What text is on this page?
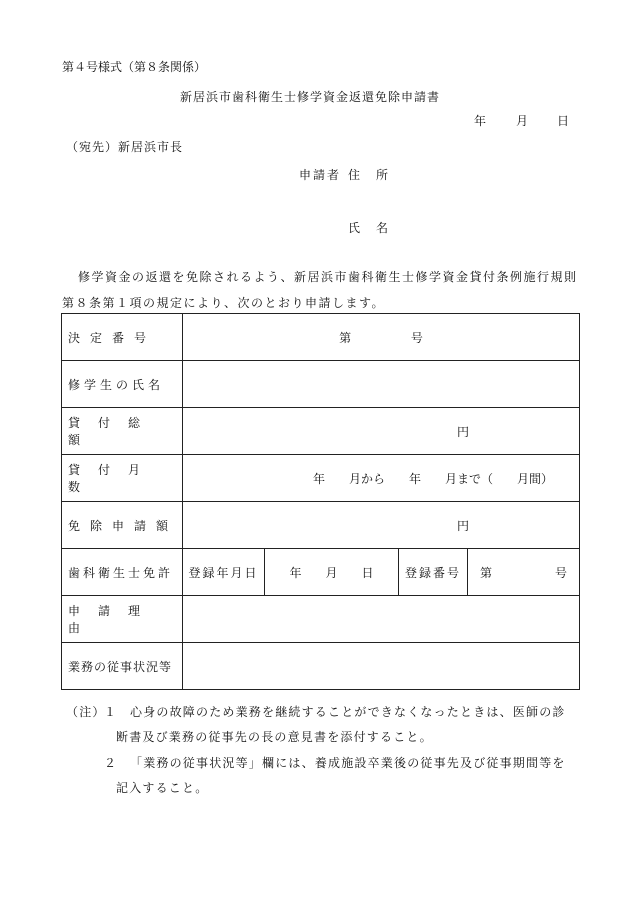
第４号様式（第８条関係）
新居浜市歯科衛生士修学資金返還免除申請書
年 月 日
（宛先）新居浜市長
申請者 住　所
氏　名
修学資金の返還を免除されるよう、新居浜市歯科衛生士修学資金貸付条例施行規則
第８条第１項の規定により、次のとおり申請します。
決定番号	第 号			
修学生の氏名				
貸付総額	円			
貸付月数	年　　月から　　年　　月まで（　　月間）			
免除申請額	円			
歯科衛生士免許	登録年月日	年　　月　　日	登録番号	第 号

申請理由				
業務の従事状況等				
（注）
１ 心身の故障のため業務を継続することができなくなったときは、医師の診
断書及び業務の従事先の長の意見書を添付すること。
２ 「業務の従事状況等」欄には、養成施設卒業後の従事先及び従事期間等を
記入すること。
